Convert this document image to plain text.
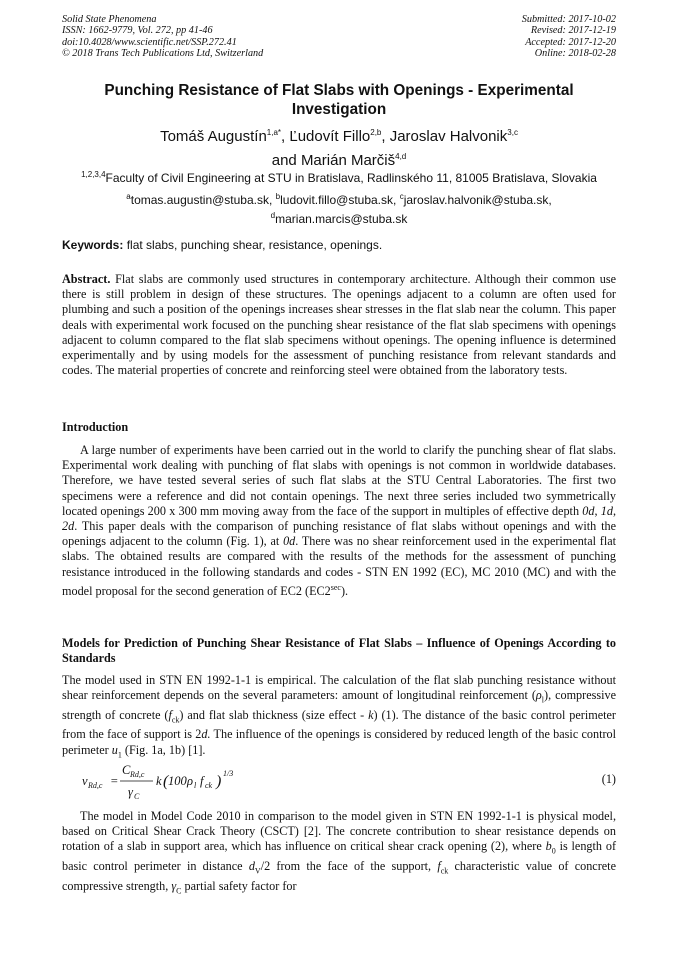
Solid State Phenomena
ISSN: 1662-9779, Vol. 272, pp 41-46
doi:10.4028/www.scientific.net/SSP.272.41
© 2018 Trans Tech Publications Ltd, Switzerland
Submitted: 2017-10-02
Revised: 2017-12-19
Accepted: 2017-12-20
Online: 2018-02-28
Punching Resistance of Flat Slabs with Openings - Experimental Investigation
Tomáš Augustín$^{1,a*}$, Ľudovít Fillo$^{2,b}$, Jaroslav Halvonik$^{3,c}$
and Marián Marčiš$^{4,d}$
$^{1,2,3,4}$Faculty of Civil Engineering at STU in Bratislava, Radlinského 11, 81005 Bratislava, Slovakia
$^a$tomas.augustin@stuba.sk, $^b$ludovit.fillo@stuba.sk, $^c$jaroslav.halvonik@stuba.sk,
$^d$marian.marcis@stuba.sk
Keywords: flat slabs, punching shear, resistance, openings.
Abstract. Flat slabs are commonly used structures in contemporary architecture. Although their common use there is still problem in design of these structures. The openings adjacent to a column are often used for plumbing and such a position of the openings increases shear stresses in the flat slab near the column. This paper deals with experimental work focused on the punching shear resistance of the flat slab specimens with openings adjacent to column compared to the flat slab specimens without openings. The opening influence is determined experimentally and by using models for the assessment of punching resistance from relevant standards and codes. The material properties of concrete and reinforcing steel were obtained from the laboratory tests.
Introduction
A large number of experiments have been carried out in the world to clarify the punching shear of flat slabs. Experimental work dealing with punching of flat slabs with openings is not common in worldwide databases. Therefore, we have tested several series of such flat slabs at the STU Central Laboratories. The first two specimens were a reference and did not contain openings. The next three series included two symmetrically located openings 200 x 300 mm moving away from the face of the support in multiples of effective depth 0d, 1d, 2d. This paper deals with the comparison of punching resistance of flat slabs without openings and with the openings adjacent to the column (Fig. 1), at 0d. There was no shear reinforcement used in the experimental flat slabs. The obtained results are compared with the results of the methods for the assessment of punching resistance introduced in the following standards and codes - STN EN 1992 (EC), MC 2010 (MC) and with the model proposal for the second generation of EC2 $(EC2^{sec})$.
Models for Prediction of Punching Shear Resistance of Flat Slabs – Influence of Openings According to Standards
The model used in STN EN 1992-1-1 is empirical. The calculation of the flat slab punching resistance without shear reinforcement depends on the several parameters: amount of longitudinal reinforcement $(\rho_l)$, compressive strength of concrete $(f_{ck})$ and flat slab thickness (size effect - k) (1). The distance of the basic control perimeter from the face of support is 2d. The influence of the openings is considered by reduced length of the basic control perimeter $u_1$ (Fig. 1a, 1b) [1].
v Rd,c =
C Rd,c
γ C
k ( 100 ρ l f ck ) 1/3	(1)
The model in Model Code 2010 in comparison to the model given in STN EN 1992-1-1 is physical model, based on Critical Shear Crack Theory (CSCT) [2]. The concrete contribution to shear resistance depends on rotation of a slab in support area, which has influence on critical shear crack opening (2), where $b_0$ is length of basic control perimeter in distance $d_V/2$ from the face of the support, $f_{ck}$ characteristic value of concrete compressive strength, $\gamma_C$ partial safety factor for
